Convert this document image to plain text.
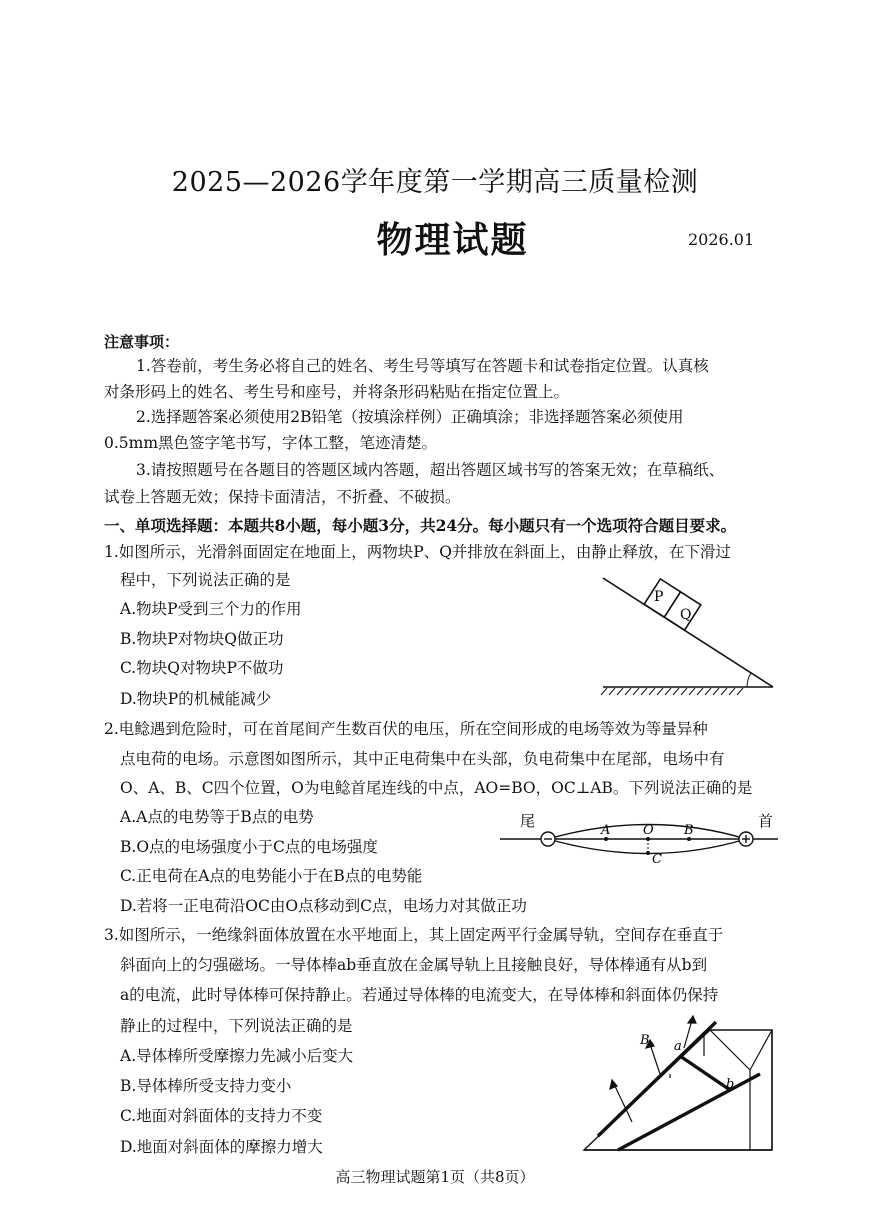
2025—2026学年度第一学期高三质量检测
物理试题	2026.01
注意事项：
1.答卷前，考生务必将自己的姓名、考生号等填写在答题卡和试卷指定位置。认真核
对条形码上的姓名、考生号和座号，并将条形码粘贴在指定位置上。
2.选择题答案必须使用2B铅笔（按填涂样例）正确填涂；非选择题答案必须使用
0.5mm黑色签字笔书写，字体工整，笔迹清楚。
3.请按照题号在各题目的答题区域内答题，超出答题区域书写的答案无效；在草稿纸、
试卷上答题无效；保持卡面清洁，不折叠、不破损。
一、单项选择题：本题共8小题，每小题3分，共24分。每小题只有一个选项符合题目要求。
1.如图所示，光滑斜面固定在地面上，两物块P、Q并排放在斜面上，由静止释放，在下滑过
程中，下列说法正确的是
A.物块P受到三个力的作用
B.物块P对物块Q做正功
C.物块Q对物块P不做功
D.物块P的机械能减少
P
Q
2.电鲶遇到危险时，可在首尾间产生数百伏的电压，所在空间形成的电场等效为等量异种
点电荷的电场。示意图如图所示，其中正电荷集中在头部，负电荷集中在尾部，电场中有
O、A、B、C四个位置，O为电鲶首尾连线的中点，AO=BO，OC⊥AB。下列说法正确的是
A.A点的电势等于B点的电势
B.O点的电场强度小于C点的电场强度
C.正电荷在A点的电势能小于在B点的电势能
D.若将一正电荷沿OC由O点移动到C点，电场力对其做正功
尾	首
A	O B
C
3.如图所示，一绝缘斜面体放置在水平地面上，其上固定两平行金属导轨，空间存在垂直于
斜面向上的匀强磁场。一导体棒ab垂直放在金属导轨上且接触良好，导体棒通有从b到
a的电流，此时导体棒可保持静止。若通过导体棒的电流变大，在导体棒和斜面体仍保持
静止的过程中，下列说法正确的是
A.导体棒所受摩擦力先减小后变大
B.导体棒所受支持力变小
C.地面对斜面体的支持力不变
D.地面对斜面体的摩擦力增大
B a
b
高三物理试题第1页（共8页）
